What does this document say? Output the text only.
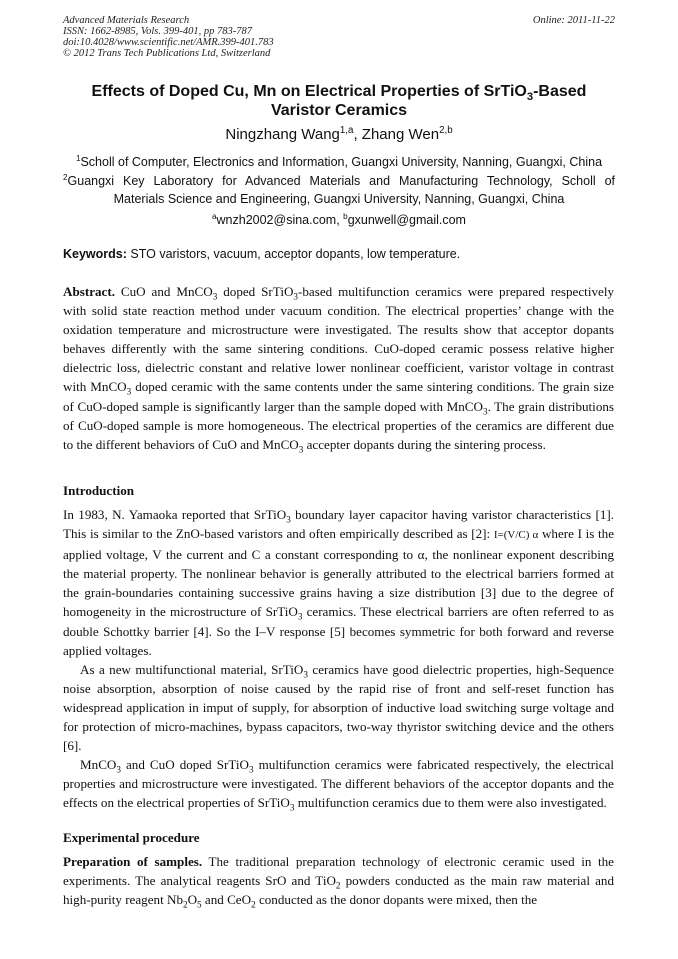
Advanced Materials Research
ISSN: 1662-8985, Vols. 399-401, pp 783-787
doi:10.4028/www.scientific.net/AMR.399-401.783
© 2012 Trans Tech Publications Ltd, Switzerland
Online: 2011-11-22
Effects of Doped Cu, Mn on Electrical Properties of SrTiO$_3$-Based
Varistor Ceramics
Ningzhang Wang$^{1,a}$, Zhang Wen$^{2,b}$
$^1$Scholl of Computer, Electronics and Information, Guangxi University, Nanning, Guangxi, China
$^2$Guangxi Key Laboratory for Advanced Materials and Manufacturing Technology, Scholl of
Materials Science and Engineering, Guangxi University, Nanning, Guangxi, China
$^a$wnzh2002@sina.com, $^b$gxunwell@gmail.com
Keywords: STO varistors, vacuum, acceptor dopants, low temperature.

Abstract. CuO and MnCO$_3$ doped SrTiO$_3$-based multifunction ceramics were prepared respectively with solid state reaction method under vacuum condition. The electrical properties’ change with the oxidation temperature and microstructure were investigated. The results show that acceptor dopants behaves differently with the same sintering conditions. CuO-doped ceramic possess relative higher dielectric loss, dielectric constant and relative lower nonlinear coefficient, varistor voltage in contrast with MnCO$_3$ doped ceramic with the same contents under the same sintering conditions. The grain size of CuO-doped sample is significantly larger than the sample doped with MnCO$_3$. The grain distributions of CuO-doped sample is more homogeneous. The electrical properties of the ceramics are different due to the different behaviors of CuO and MnCO$_3$ accepter dopants during the sintering process.

Introduction

In 1983, N. Yamaoka reported that SrTiO$_3$ boundary layer capacitor having varistor characteristics [1]. This is similar to the ZnO-based varistors and often empirically described as [2]: I=(V/C) α where I is the applied voltage, V the current and C a constant corresponding to α, the nonlinear exponent describing the material property. The nonlinear behavior is generally attributed to the electrical barriers formed at the grain-boundaries containing successive grains having a size distribution [3] due to the degree of homogeneity in the microstructure of SrTiO$_3$ ceramics. These electrical barriers are often referred to as double Schottky barrier [4]. So the I–V response [5] becomes symmetric for both forward and reverse applied voltages.

As a new multifunctional material, SrTiO$_3$ ceramics have good dielectric properties, high-Sequence noise absorption, absorption of noise caused by the rapid rise of front and self-reset function has widespread application in imput of supply, for absorption of inductive load switching surge voltage and for protection of micro-machines, bypass capacitors, two-way thyristor switching device and the others [6].

MnCO$_3$ and CuO doped SrTiO$_3$ multifunction ceramics were fabricated respectively, the electrical properties and microstructure were investigated. The different behaviors of the acceptor dopants and the effects on the electrical properties of SrTiO$_3$ multifunction ceramics due to them were also investigated.

Experimental procedure

Preparation of samples. The traditional preparation technology of electronic ceramic used in the experiments. The analytical reagents SrO and TiO$_2$ powders conducted as the main raw material and high-purity reagent $Nb_2O_5$ and CeO$_2$ conducted as the donor dopants were mixed, then the
